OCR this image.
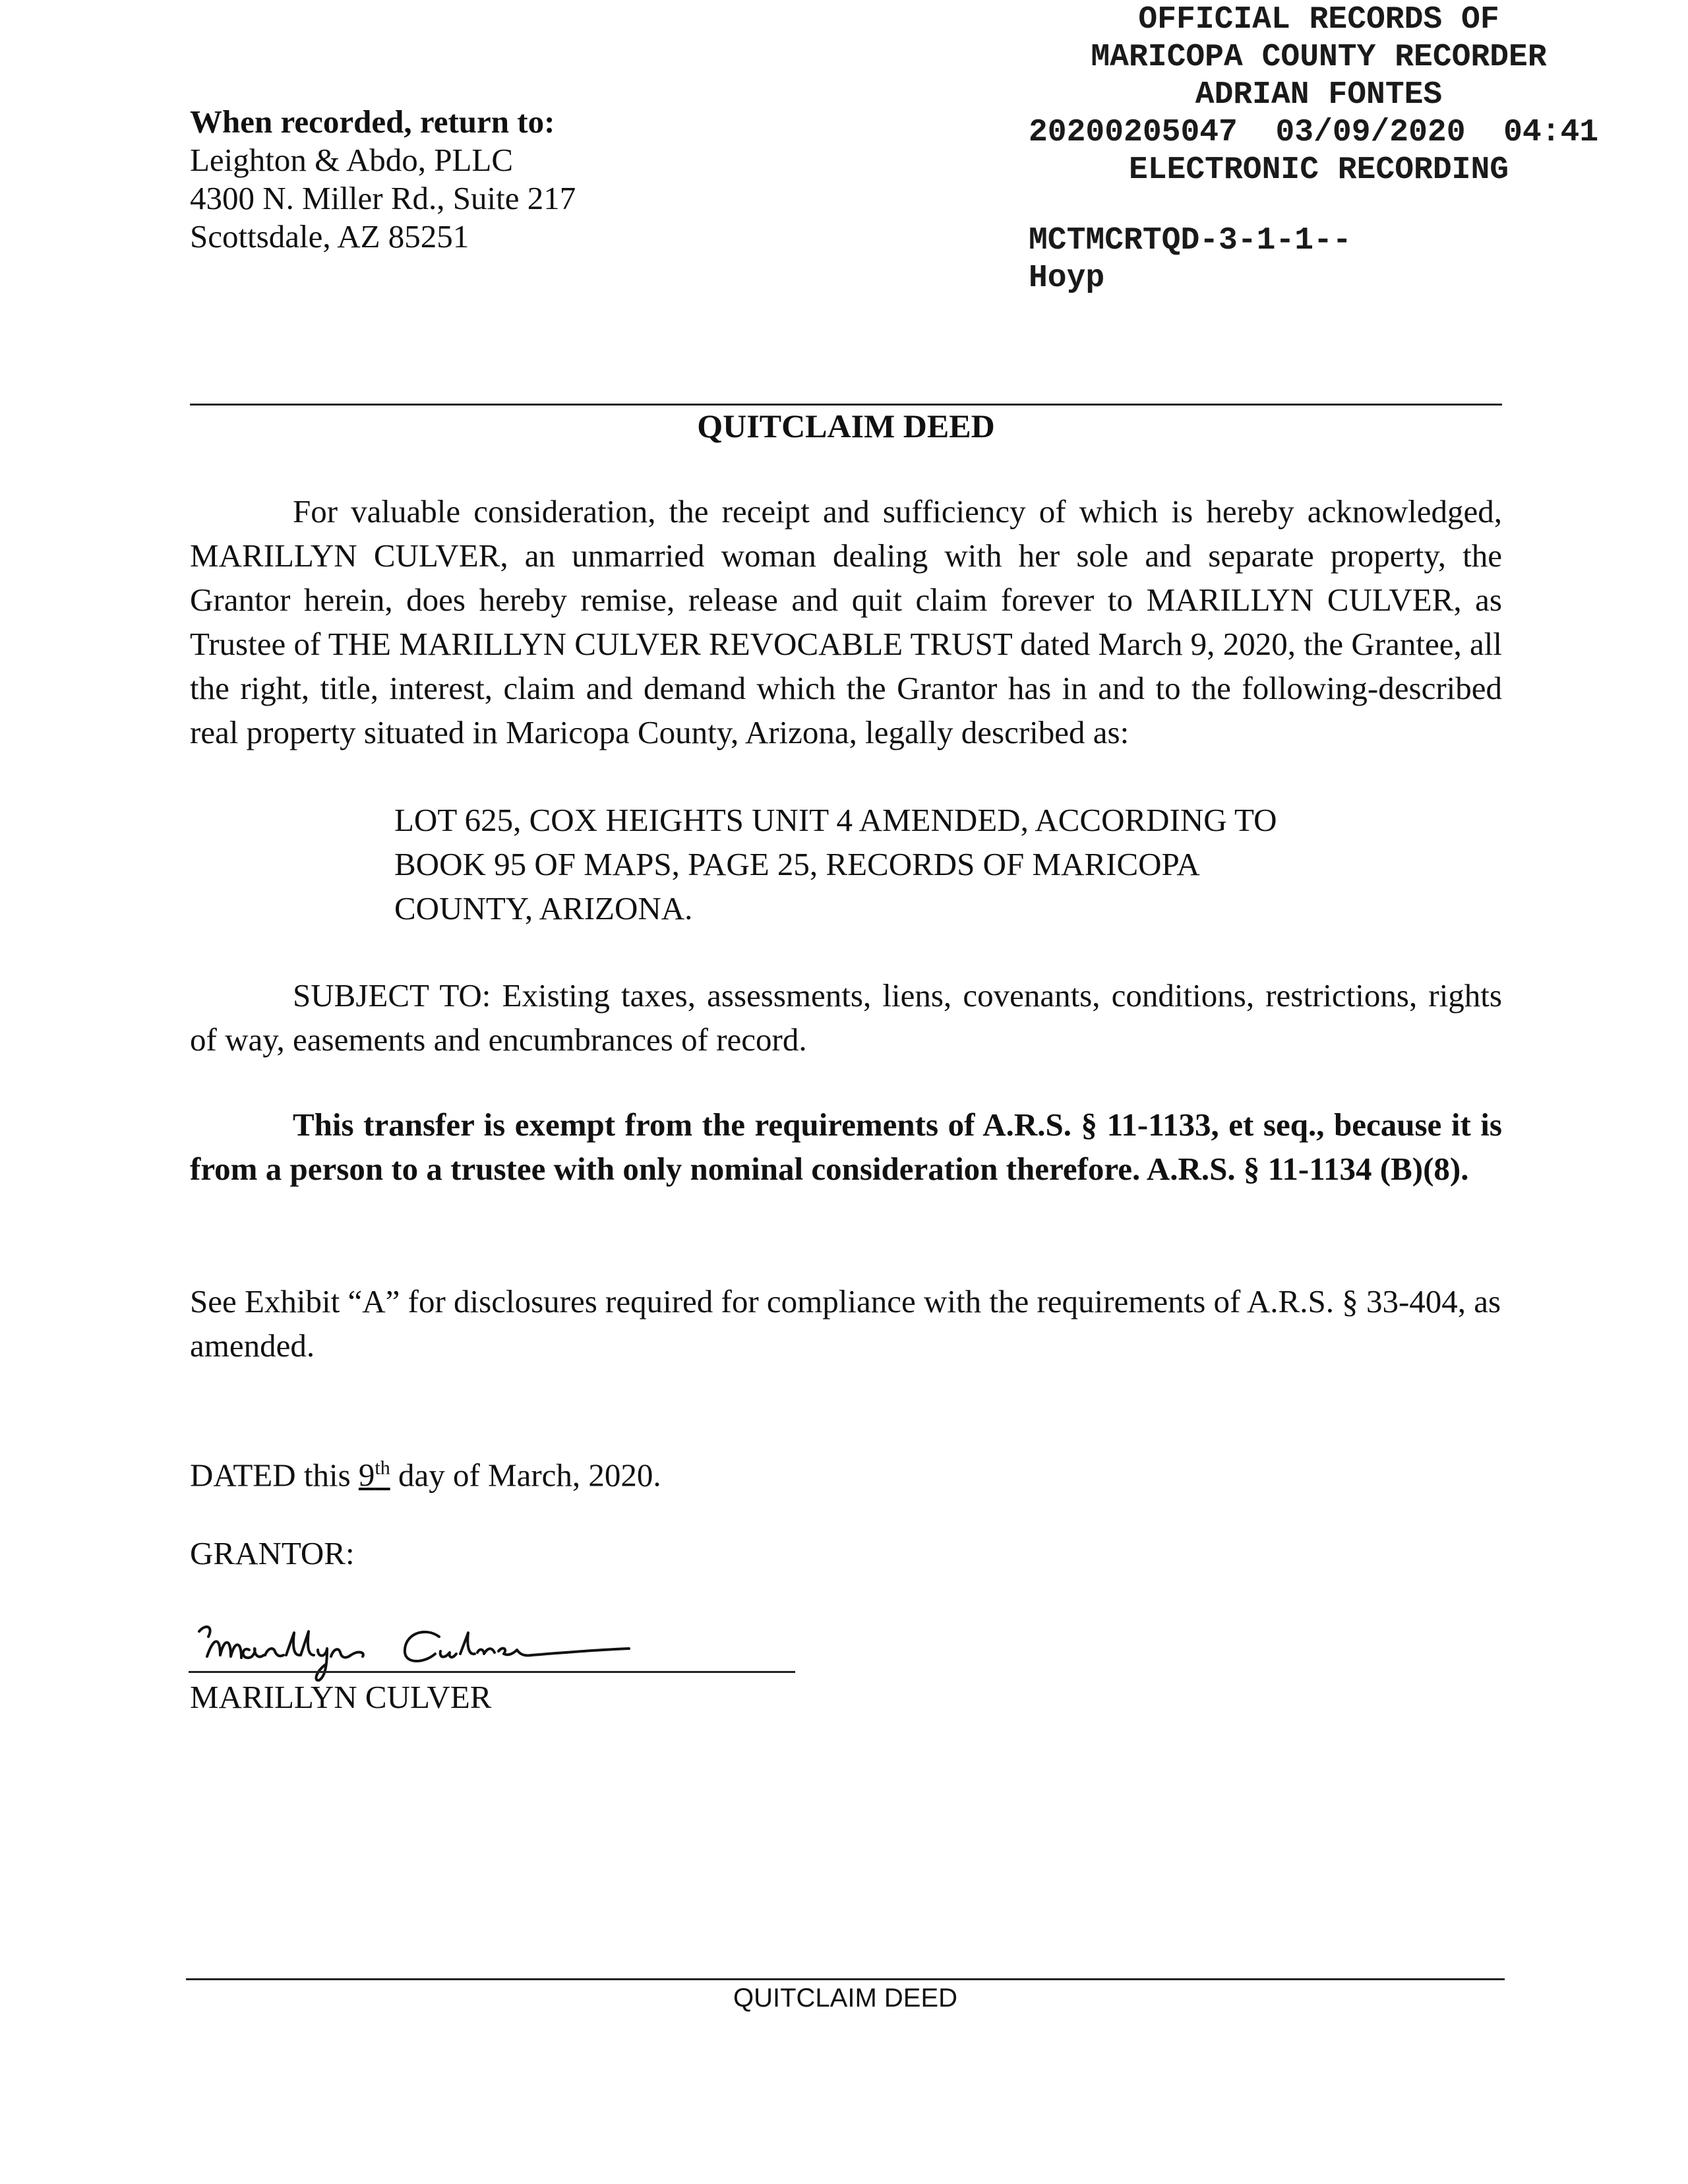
When recorded, return to:
Leighton & Abdo, PLLC
4300 N. Miller Rd., Suite 217
Scottsdale, AZ 85251
OFFICIAL RECORDS OF
MARICOPA COUNTY RECORDER
ADRIAN FONTES
20200205047 03/09/2020 04:41
ELECTRONIC RECORDING
MCTMCRTQD-3-1-1--
Hoyp
QUITCLAIM DEED
For valuable consideration, the receipt and sufficiency of which is hereby acknowledged, MARILLYN CULVER, an unmarried woman dealing with her sole and separate property, the Grantor herein, does hereby remise, release and quit claim forever to MARILLYN CULVER, as Trustee of THE MARILLYN CULVER REVOCABLE TRUST dated March 9, 2020, the Grantee, all the right, title, interest, claim and demand which the Grantor has in and to the following-described real property situated in Maricopa County, Arizona, legally described as:
LOT 625, COX HEIGHTS UNIT 4 AMENDED, ACCORDING TO BOOK 95 OF MAPS, PAGE 25, RECORDS OF MARICOPA COUNTY, ARIZONA.
SUBJECT TO: Existing taxes, assessments, liens, covenants, conditions, restrictions, rights of way, easements and encumbrances of record.
This transfer is exempt from the requirements of A.R.S. § 11-1133, et seq., because it is from a person to a trustee with only nominal consideration therefore. A.R.S. § 11-1134 (B)(8).
See Exhibit “A” for disclosures required for compliance with the requirements of A.R.S. § 33-404, as amended.
DATED this 9th day of March, 2020.
GRANTOR:
MARILLYN CULVER
QUITCLAIM DEED
